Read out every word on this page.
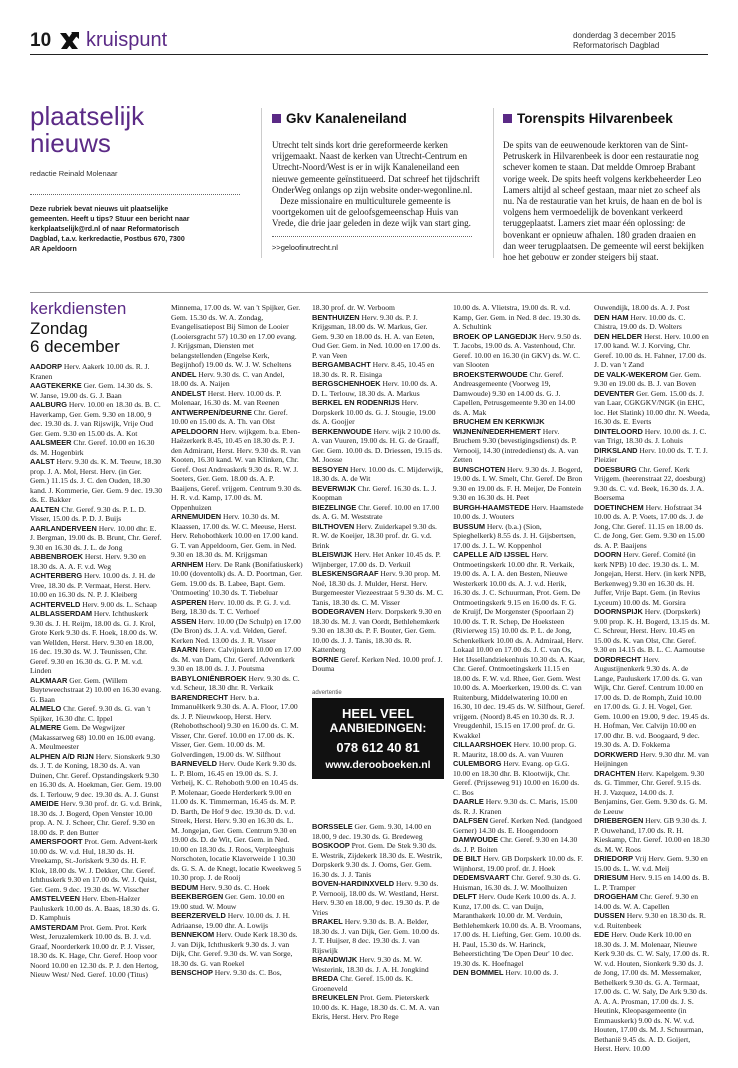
10 kruispunt	donderdag 3 december 2015
Reformatorisch Dagblad
plaatselijk
nieuws
redactie Reinald Molenaar
Deze rubriek bevat nieuws uit plaatselijke gemeenten. Heeft u tips? Stuur een bericht naar kerkplaatselijk@rd.nl of naar Reformatorisch Dagblad, t.a.v. kerkredactie, Postbus 670, 7300 AR Apeldoorn
Gkv Kanaleneiland
Utrecht telt sinds kort drie gereformeerde kerken vrijgemaakt. Naast de kerken van Utrecht-Centrum en Utrecht-Noord/West is er in wijk Kanaleneiland een nieuwe gemeente geïnstitueerd. Dat schreef het tijdschrift OnderWeg onlangs op zijn website onder-wegonline.nl.
Deze missionaire en multiculturele gemeente is voortgekomen uit de geloofsgemeenschap Huis van Vrede, die drie jaar geleden in deze wijk van start ging.
>>geloofinutrecht.nl
Torenspits Hilvarenbeek
De spits van de eeuwenoude kerktoren van de Sint-Petruskerk in Hilvarenbeek is door een restauratie nog schever komen te staan. Dat meldde Omroep Brabant vorige week. De spits heeft volgens kerkbeheerder Leo Lamers altijd al scheef gestaan, maar niet zo scheef als nu. Na de restauratie van het kruis, de haan en de bol is volgens hem vermoedelijk de bovenkant verkeerd teruggeplaatst. Lamers ziet maar één oplossing: de bovenkant er opnieuw afhalen. 180 graden draaien en dan weer terugplaatsen. De gemeente wil eerst bekijken hoe het gebouw er zonder steigers bij staat.
kerkdiensten
Zondag
6 december

AADORP Herv. Aakerk 10.00 ds. R. J. Kranen

AAGTEKERKE Ger. Gem. 14.30 ds. S. W. Janse, 19.00 ds. G. J. Baan

AALBURG Herv. 10.00 en 18.30 ds. B. C. Haverkamp, Ger. Gem. 9.30 en 18.00, 9 dec. 19.30 ds. J. van Rijswijk, Vrije Oud Ger. Gem. 9.30 en 15.00 ds. A. Kot

AALSMEER Chr. Geref. 10.00 en 16.30 ds. M. Hogenbirk

AALST Herv. 9.30 ds. K. M. Teeuw, 18.30 prop. J. A. Mol, Herst. Herv. (in Ger. Gem.) 11.15 ds. J. C. den Ouden, 18.30 kand. J. Kommerie, Ger. Gem. 9 dec. 19.30 ds. E. Bakker

AALTEN Chr. Geref. 9.30 ds. P. L. D. Visser, 15.00 ds. P. D. J. Buijs

AARLANDERVEEN Herv. 10.00 dhr. E. J. Bergman, 19.00 ds. B. Brunt, Chr. Geref. 9.30 en 16.30 ds. J. L. de Jong

ABBENBROEK Herst. Herv. 9.30 en 18.30 ds. A. A. F. v.d. Weg

ACHTERBERG Herv. 10.00 ds. J. H. de Vree, 18.30 ds. P. Vermaat, Herst. Herv. 10.00 en 16.30 ds. N. P. J. Kleiberg

ACHTERVELD Herv. 9.00 ds. L. Schaap

ALBLASSERDAM Herv. Ichthuskerk 9.30 ds. J. H. Reijm, 18.00 ds. G. J. Krol, Grote Kerk 9.30 ds. F. Hoek, 18.00 ds. W. van Wellden, Herst. Herv. 9.30 en 18.00, 16 dec. 19.30 ds. W. J. Teunissen, Chr. Geref. 9.30 en 16.30 ds. G. P. M. v.d. Linden

ALKMAAR Ger. Gem. (Willem Buyteweechstraat 2) 10.00 en 16.30 evang. G. Baan

ALMELO Chr. Geref. 9.30 ds. G. van 't Spijker, 16.30 dhr. C. Ippel

ALMERE Gem. De Wegwijzer (Makassarweg 68) 10.00 en 16.00 evang. A. Meulmeester

ALPHEN A/D RIJN Herv. Sionskerk 9.30 ds. J. T. de Koning, 18.30 ds. A. van Duinen, Chr. Geref. Opstandingskerk 9.30 en 16.30 ds. A. Hoekman, Ger. Gem. 19.00 ds. I. Terlouw, 9 dec. 19.30 ds. A. J. Gunst

AMEIDE Herv. 9.30 prof. dr. G. v.d. Brink, 18.30 ds. J. Bogerd, Open Venster 10.00 prop. A. N. J. Scheer, Chr. Geref. 9.30 en 18.00 ds. P. den Butter

AMERSFOORT Prot. Gem. Advent-kerk 10.00 ds. W. v.d. Hul, 18.30 ds. H. Vreekamp, St.-Joriskerk 9.30 ds. H. F. Klok, 18.00 ds. W. J. Dekker, Chr. Geref. Ichthuskerk 9.30 en 17.00 ds. W. J. Quist, Ger. Gem. 9 dec. 19.30 ds. W. Visscher

AMSTELVEEN Herv. Eben-Haëzer Pauluskerk 10.00 ds. A. Baas, 18.30 ds. G. D. Kamphuis

AMSTERDAM Prot. Gem. Prot. Kerk West, Jeruzalemkerk 10.00 ds. B. J. v.d. Graaf, Noorderkerk 10.00 dr. P. J. Visser, 18.30 ds. K. Hage, Chr. Geref. Hoop voor Noord 10.00 en 12.30 ds. P. J. den Hertog, Nieuw West/ Ned. Geref. 10.00 (Titus)

Minnema, 17.00 ds. W. van 't Spijker, Ger. Gem. 15.30 ds. W. A. Zondag, Evangelisatiepost Bij Simon de Looier (Looiersgracht 57) 10.30 en 17.00 evang. J. Krijgsman, Diensten met belangstellenden (Engelse Kerk, Begijnhof) 19.00 ds. W. J. W. Scheltens

ANDEL Herv. 9.30 ds. C. van Andel, 18.00 ds. A. Naijen

ANDELST Herst. Herv. 10.00 ds. P. Molenaar, 16.30 ds. M. van Reenen

ANTWERPEN/DEURNE Chr. Geref. 10.00 en 15.00 ds. A. Th. van Olst

APELDOORN Herv. wijkgem. b.a. Eben-Haëzerkerk 8.45, 10.45 en 18.30 ds. P. J. den Admirant, Herst. Herv. 9.30 ds. R. van Kooten, 16.30 kand. W. van Klinken, Chr. Geref. Oost Andreaskerk 9.30 ds. R. W. J. Soeters, Ger. Gem. 18.00 ds. A. P. Baaijens, Geref. vrijgem. Centrum 9.30 ds. H. R. v.d. Kamp, 17.00 ds. M. Oppenhuizen

ARNEMUIDEN Herv. 10.30 ds. M. Klaassen, 17.00 ds. W. C. Meeuse, Herst. Herv. Rehobothkerk 10.00 en 17.00 kand. G. T. van Appeldoorn, Ger. Gem. in Ned. 9.30 en 18.30 ds. M. Krijgsman

ARNHEM Herv. De Rank (Bonifatiuskerk) 10.00 (doventolk) ds. A. D. Poortman, Ger. Gem. 19.00 ds. B. Labee, Bapt. Gem. 'Ontmoeting' 10.30 ds. T. Tiebeluar

ASPEREN Herv. 10.00 ds. P. G. J. v.d. Berg, 18.30 ds. T. C. Verhoef

ASSEN Herv. 10.00 (De Schulp) en 17.00 (De Bron) ds. J. A. v.d. Velden, Geref. Kerken Ned. 13.00 ds. J. R. Visser

BAARN Herv. Calvijnkerk 10.00 en 17.00 ds. M. van Dam, Chr. Geref. Adventkerk 9.30 en 18.00 ds. J. J. Poutsma

BABYLONIËNBROEK Herv. 9.30 ds. C. v.d. Scheur, 18.30 dhr. R. Verkaik

BARENDRECHT Herv. b.a. Immanuëlkerk 9.30 ds. A. A. Floor, 17.00 ds. J. P. Nieuwkoop, Herst. Herv. (Rehobothschool) 9.30 en 16.00 ds. C. M. Visser, Chr. Geref. 10.00 en 17.00 ds. K. Visser, Ger. Gem. 10.00 ds. M. Golverdingen, 19.00 ds. W. Silfhout

BARNEVELD Herv. Oude Kerk 9.30 ds. L. P. Blom, 16.45 en 19.00 ds. S. J. Verheij, K. C. Rehoboth 9.00 en 10.45 ds. P. Molenaar, Goede Herderkerk 9.00 en 11.00 ds. K. Timmerman, 16.45 ds. M. P. D. Barth, De Hof 9 dec. 19.30 ds. D. v.d. Streek, Herst. Herv. 9.30 en 16.30 ds. L. M. Jongejan, Ger. Gem. Centrum 9.30 en 19.00 ds. D. de Wit, Ger. Gem. in Ned. 10.00 en 18.30 ds. J. Roos, Verpleeghuis Norschoten, locatie Klaverweide 1 10.30 ds. G. S. A. de Knegt, locatie Kweekweg 5 10.30 prop. J. de Rooij

BEDUM Herv. 9.30 ds. C. Hoek

BEEKBERGEN Ger. Gem. 10.00 en 19.00 stud. W. Mouw

BEERZERVELD Herv. 10.00 ds. J. H. Adriaanse, 19.00 dhr. A. Lowijs

BENNEKOM Herv. Oude Kerk 18.30 ds. J. van Dijk, Ichthuskerk 9.30 ds. J. van Dijk, Chr. Geref. 9.30 ds. W. van Sorge, 18.30 ds. G. van Roekel

BENSCHOP Herv. 9.30 ds. C. Bos,

18.30 prof. dr. W. Verboom

BENTHUIZEN Herv. 9.30 ds. P. J. Krijgsman, 18.00 ds. W. Markus, Ger. Gem. 9.30 en 18.00 ds. H. A. van Eeten, Oud Ger. Gem. in Ned. 10.00 en 17.00 ds. P. van Veen

BERGAMBACHT Herv. 8.45, 10.45 en 18.30 ds. R. R. Eisinga

BERGSCHENHOEK Herv. 10.00 ds. A. D. L. Terlouw, 18.30 ds. A. Markus

BERKEL EN RODENRIJS Herv. Dorpskerk 10.00 ds. G. J. Stougie, 19.00 ds. A. Goojjer

BERKENWOUDE Herv. wijk 2 10.00 ds. A. van Vuuren, 19.00 ds. H. G. de Graaff, Ger. Gem. 10.00 ds. D. Driessen, 19.15 ds. M. Joosse

BESOYEN Herv. 10.00 ds. C. Mijderwijk, 18.30 ds. A. de Wit

BEVERWIJK Chr. Geref. 16.30 ds. L. J. Koopman

BIEZELINGE Chr. Geref. 10.00 en 17.00 ds. A. G. M. Weststrate

BILTHOVEN Herv. Zuiderkapel 9.30 ds. R. W. de Koeijer, 18.30 prof. dr. G. v.d. Brink

BLEISWIJK Herv. Het Anker 10.45 ds. P. Wijnberger, 17.00 ds. D. Verkuil

BLESKENSGRAAF Herv. 9.30 prop. M. Noé, 18.30 ds. J. Mulder, Herst. Herv. Burgemeester Viezeestraat 5 9.30 ds. M. C. Tanis, 18.30 ds. C. M. Visser

BODEGRAVEN Herv. Dorpskerk 9.30 en 18.30 ds. M. J. van Oordt, Bethlehemkerk 9.30 en 18.30 ds. P. F. Bouter, Ger. Gem. 10.00 ds. J. J. Tanis, 18.30 ds. R. Kattenberg

BORNE Geref. Kerken Ned. 10.00 prof. J. Douma

advertentie
HEEL VEEL
AANBIEDINGEN:
078 612 40 81
www.derooboeken.nl

BORSSELE Ger. Gem. 9.30, 14.00 en 18.00, 9 dec. 19.30 ds. G. Bredeweg

BOSKOOP Prot. Gem. De Stek 9.30 ds. E. Westrik, Zijdekerk 18.30 ds. E. Westrik, Dorpskerk 9.30 ds. J. Ooms, Ger. Gem. 16.30 ds. J. J. Tanis

BOVEN-HARDINXVELD Herv. 9.30 ds. P. Vernooij, 18.00 ds. W. Westland, Herst. Herv. 9.30 en 18.00, 9 dec. 19.30 ds. P. de Vries

BRAKEL Herv. 9.30 ds. B. A. Belder, 18.30 ds. J. van Dijk, Ger. Gem. 10.00 ds. J. T. Huijser, 8 dec. 19.30 ds. J. van Rijswijk

BRANDWIJK Herv. 9.30 ds. M. W. Westerink, 18.30 ds. J. A. H. Jongkind

BREDA Chr. Geref. 15.00 ds. K. Groeneveld

BREUKELEN Prot. Gem. Pieterskerk 10.00 ds. K. Hage, 18.30 ds. C. M. A. van Ekris, Herst. Herv. Pro Rege

10.00 ds. A. Vlietstra, 19.00 ds. R. v.d. Kamp, Ger. Gem. in Ned. 8 dec. 19.30 ds. A. Schultink

BROEK OP LANGEDIJK Herv. 9.50 ds. T. Jacobs, 19.00 ds. A. Vastenhoud, Chr. Geref. 10.00 en 16.30 (in GKV) ds. W. C. van Slooten

BROEKSTERWOUDE Chr. Geref. Andreasgemeente (Voorweg 19, Damwoude) 9.30 en 14.00 ds. G. J. Capellen, Petrusgemeente 9.30 en 14.00 ds. A. Mak

BRUCHEM EN KERKWIJK

WIJNEN/NEDERHEMERT Herv. Bruchem 9.30 (bevestigingsdienst) ds. P. Vernooij, 14.30 (intrededienst) ds. A. van Zetten

BUNSCHOTEN Herv. 9.30 ds. J. Bogerd, 19.00 ds. I. W. Smelt, Chr. Geref. De Bron 9.30 en 19.00 ds. F. H. Meijer, De Fontein 9.30 en 16.30 ds. H. Peet

BURGH-HAAMSTEDE Herv. Haamstede 10.00 ds. J. Wouters

BUSSUM Herv. (b.a.) (Sion, Spieghelkerk) 8.55 ds. J. H. Gijsbertsen, 17.00 ds. J. L. W. Koppenhol

CAPELLE A/D IJSSEL Herv. Ontmoetingskerk 10.00 dhr. R. Verkaik, 19.00 ds. A. I. A. den Besten, Nieuwe Westerkerk 10.00 ds. A. J. v.d. Herik, 16.30 ds. J. C. Schuurman, Prot. Gem. De Ontmoetingskerk 9.15 en 16.00 ds. F. G. de Kruijf, De Morgenster (Spoorlaan 2) 10.00 ds. T. R. Schep, De Hoeksteen (Rivierweg 15) 10.00 ds. P. L. de Jong, Schenkelkerk 10.00 ds. A. Admiraal, Herv. Lokaal 10.00 en 17.00 ds. J. C. van Os, Het IJssellandziekenhuis 10.30 ds. A. Kaar, Chr. Geref. Ontmoetingskerk 11.15 en 18.00 ds. F. W. v.d. Rhee, Ger. Gem. West 10.00 ds. A. Moerkerken, 19.00 ds. C. van Ruitenburg, Middelwatering 10.00 en 16.30, 10 dec. 19.45 ds. W. Silfhout, Geref. vrijgem. (Noord) 8.45 en 10.30 ds. R. J. Vreugdenhil, 15.15 en 17.00 prof. dr. G. Kwakkel

CILLAARSHOEK Herv. 10.00 prop. G. R. Mauritz, 18.00 ds. A. van Vuuren

CULEMBORG Herv. Evang. op G.G. 10.00 en 18.30 dhr. B. Klootwijk, Chr. Geref. (Prijsseweg 91) 10.00 en 16.00 ds. C. Bos

DAARLE Herv. 9.30 ds. C. Maris, 15.00 ds. R. J. Kranen

DALFSEN Geref. Kerken Ned. (landgoed Gerner) 14.30 ds. E. Hoogendoorn

DAMWOUDE Chr. Geref. 9.30 en 14.30 ds. J. P. Boiten

DE BILT Herv. GB Dorpskerk 10.00 ds. F. Wijnhorst, 19.00 prof. dr. J. Hoek

DEDEMSVAART Chr. Geref. 9.30 ds. G. Huisman, 16.30 ds. J. W. Moolhuizen

DELFT Herv. Oude Kerk 10.00 ds. A. J. Kunz, 17.00 ds. C. van Duijn, Maranthakerk 10.00 dr. M. Verduin, Bethlehemkerk 10.00 ds. A. B. Vroomans, 17.00 ds. H. Liefting, Ger. Gem. 10.00 ds. H. Paul, 15.30 ds. W. Harinck, Beheerstichting 'De Open Deur' 10 dec. 19.30 ds. K. Hoefnagel

DEN BOMMEL Herv. 10.00 ds. J.

Ouwendijk, 18.00 ds. A. J. Post

DEN HAM Herv. 10.00 ds. C. Chistra, 19.00 ds. D. Wolters

DEN HELDER Herst. Herv. 10.00 en 17.00 kand. W. J. Korving, Chr. Geref. 10.00 ds. H. Fahner, 17.00 ds. J. D. van 't Zand

DE VALK-WEKEROM Ger. Gem. 9.30 en 19.00 ds. B. J. van Boven

DEVENTER Ger. Gem. 15.00 ds. J. van Laar, CGKGKV/NGK (in EHC, loc. Het Slatink) 10.00 dhr. N. Weeda, 16.30 ds. E. Everts

DINTELOORD Herv. 10.00 ds. J. C. van Trigt, 18.30 ds. J. Lohuis

DIRKSLAND Herv. 10.00 ds. T. T. J. Pleizier

DOESBURG Chr. Geref. Kerk Vrijgem. (heerenstraat 22, doesburg) 9.30 ds. C. v.d. Beek, 16.30 ds. J. A. Boersema

DOETINCHEM Herv. Hofstraat 34 10.00 ds. A. P. Voets, 17.00 ds. J. de Jong, Chr. Geref. 11.15 en 18.00 ds. C. de Jong, Ger. Gem. 9.30 en 15.00 ds. A. P. Baaijens

DOORN Herv. Geref. Comité (in kerk NPB) 10 dec. 19.30 ds. L. M. Jongejan, Herst. Herv. (in kerk NPB, Berkenweg) 9.30 en 16.30 ds. H. Juffer, Vrije Bapt. Gem. (in Revius Lyceum) 10.00 ds. M. Gorsira

DOORNSPIJK Herv. (Dorpskerk) 9.00 prop. K. H. Bogerd, 13.15 ds. M. C. Schreur, Herst. Herv. 10.45 en 15.00 ds. K. van Olst, Chr. Geref. 9.30 en 14.15 ds. B. L. C. Aarnoutse

DORDRECHT Herv. Augustijnenkerk 9.30 ds. A. de Lange, Pauluskerk 17.00 ds. G. van Wijk, Chr. Geref. Centrum 10.00 en 17.00 ds. D. de Romph, Zuid 10.00 en 17.00 ds. G. J. H. Vogel, Ger. Gem. 10.00 en 19.00, 9 dec. 19.45 ds. H. Hofman, Ver. Calvijn 10.00 en 17.00 dhr. B. v.d. Boogaard, 9 dec. 19.30 ds. A. D. Fokkema

DORKWERD Herv. 9.30 dhr. M. van Heijningen

DRACHTEN Herv. Kapelgem. 9.30 ds. G. Timmer, Chr. Geref. 9.15 ds. H. J. Vazquez, 14.00 ds. J. Benjamins, Ger. Gem. 9.30 ds. G. M. de Leeuw

DRIEBERGEN Herv. GB 9.30 ds. J. P. Ouwehand, 17.00 ds. R. H. Kieskamp, Chr. Geref. 10.00 en 18.30 ds. M. W. Roos

DRIEDORP Vrij Herv. Gem. 9.30 en 15.00 ds. L. W. v.d. Meij

DRIESUM Herv. 9.15 en 14.00 ds. B. L. P. Tramper

DROGEHAM Chr. Geref. 9.30 en 14.00 ds. W. A. Capellen

DUSSEN Herv. 9.30 en 18.30 ds. R. v.d. Ruitenbeek

EDE Herv. Oude Kerk 10.00 en 18.30 ds. J. M. Molenaar, Nieuwe Kerk 9.30 ds. C. W. Saly, 17.00 ds. R. W. v.d. Houten, Sionkerk 9.30 ds. J. de Jong, 17.00 ds. M. Messemaker, Bethelkerk 9.30 ds. G. A. Termaat, 17.00 ds. C. W. Saly, De Ark 9.30 ds. A. A. A. Prosman, 17.00 ds. J. S. Heutink, Kleopasgemeente (in Emmauskerk) 9.00 ds. N. W. v.d. Houten, 17.00 ds. M. J. Schuurman, Bethanië 9.45 ds. A. D. Goijert, Herst. Herv. 10.00
